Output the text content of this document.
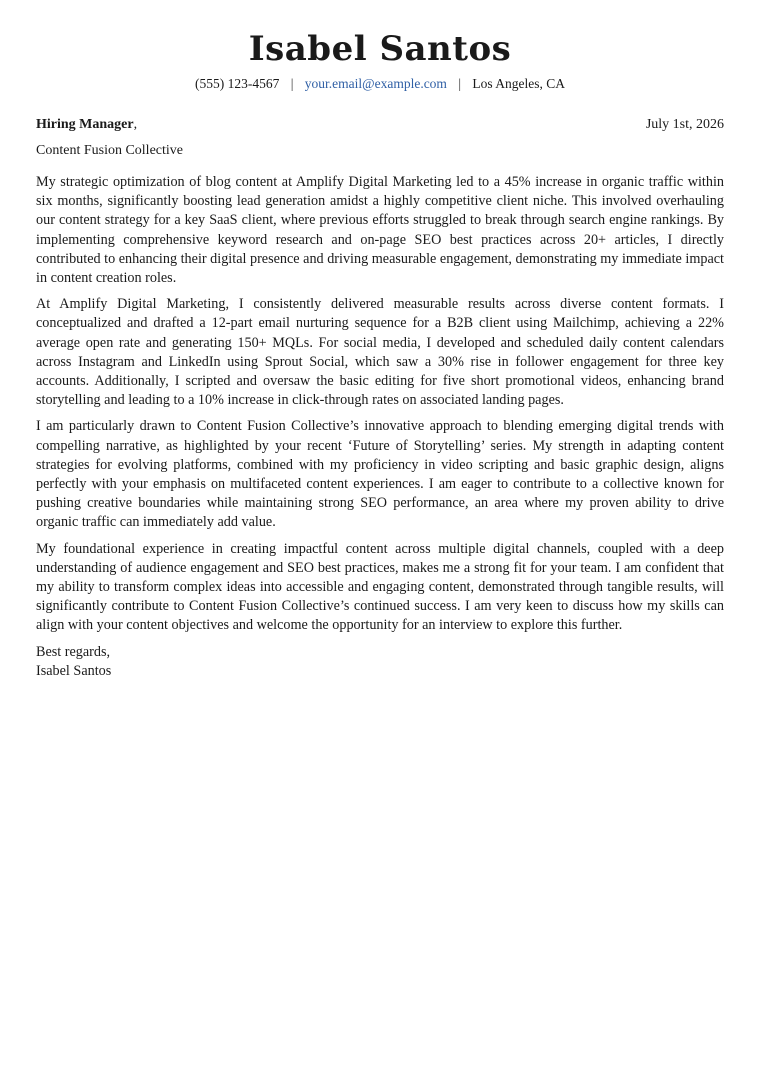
Isabel Santos
(555) 123-4567 | your.email@example.com | Los Angeles, CA
Hiring Manager,	July 1st, 2026
Content Fusion Collective

My strategic optimization of blog content at Amplify Digital Marketing led to a 45% increase in organic traffic within six months, significantly boosting lead generation amidst a highly competitive client niche. This involved overhauling our content strategy for a key SaaS client, where previous efforts struggled to break through search engine rankings. By implementing comprehensive keyword research and on-page SEO best practices across 20+ articles, I directly contributed to enhancing their digital presence and driving measurable engagement, demonstrating my immediate impact in content creation roles.

At Amplify Digital Marketing, I consistently delivered measurable results across diverse content formats. I conceptualized and drafted a 12-part email nurturing sequence for a B2B client using Mailchimp, achieving a 22% average open rate and generating 150+ MQLs. For social media, I developed and scheduled daily content calendars across Instagram and LinkedIn using Sprout Social, which saw a 30% rise in follower engagement for three key accounts. Additionally, I scripted and oversaw the basic editing for five short promotional videos, enhancing brand storytelling and leading to a 10% increase in click-through rates on associated landing pages.

I am particularly drawn to Content Fusion Collective’s innovative approach to blending emerging digital trends with compelling narrative, as highlighted by your recent ‘Future of Storytelling’ series. My strength in adapting content strategies for evolving platforms, combined with my proficiency in video scripting and basic graphic design, aligns perfectly with your emphasis on multifaceted content experiences. I am eager to contribute to a collective known for pushing creative boundaries while maintaining strong SEO performance, an area where my proven ability to drive organic traffic can immediately add value.

My foundational experience in creating impactful content across multiple digital channels, coupled with a deep understanding of audience engagement and SEO best practices, makes me a strong fit for your team. I am confident that my ability to transform complex ideas into accessible and engaging content, demonstrated through tangible results, will significantly contribute to Content Fusion Collective’s continued success. I am very keen to discuss how my skills can align with your content objectives and welcome the opportunity for an interview to explore this further.

Best regards,
Isabel Santos
